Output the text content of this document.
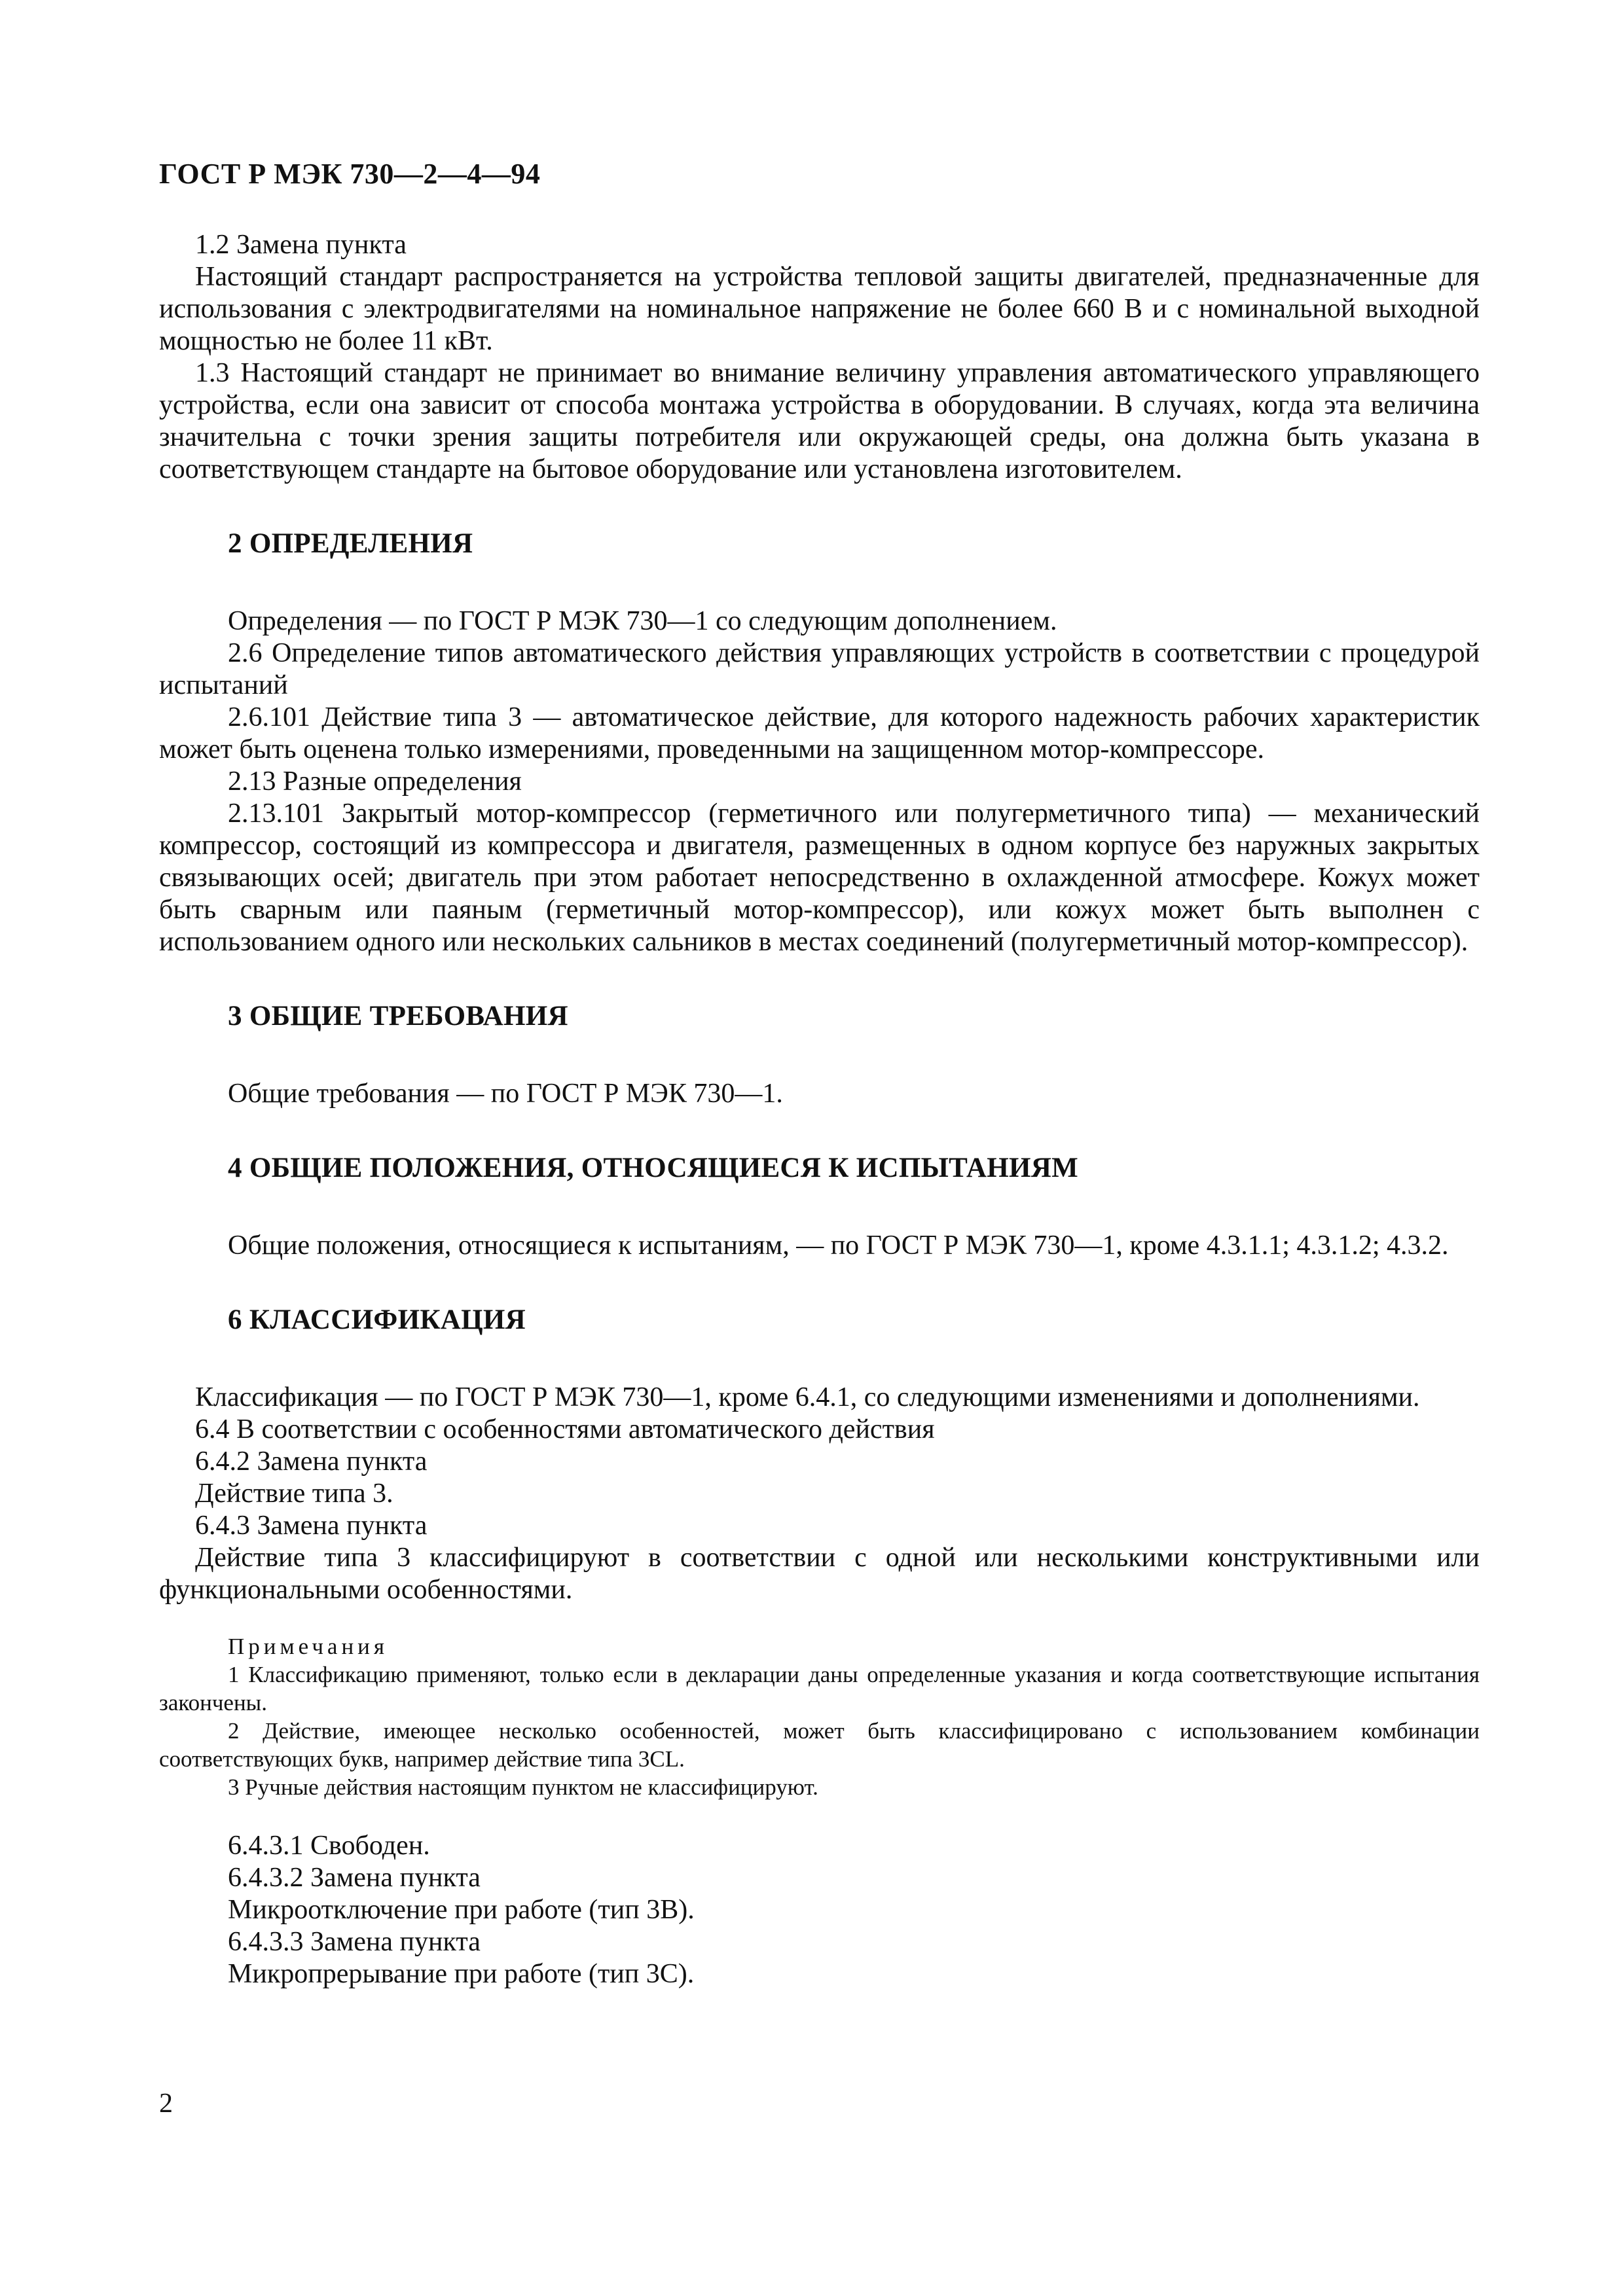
ГОСТ Р МЭК 730—2—4—94

1.2 Замена пункта

Настоящий стандарт распространяется на устройства тепловой защиты двигателей, предназначенные для использования с электродвигателями на номинальное напряжение не более 660 В и с номинальной выходной мощностью не более 11 кВт.

1.3 Настоящий стандарт не принимает во внимание величину управления автоматического управляющего устройства, если она зависит от способа монтажа устройства в оборудовании. В случаях, когда эта величина значительна с точки зрения защиты потребителя или окружающей среды, она должна быть указана в соответствующем стандарте на бытовое оборудование или установлена изготовителем.

2 ОПРЕДЕЛЕНИЯ

Определения — по ГОСТ Р МЭК 730—1 со следующим дополнением.

2.6 Определение типов автоматического действия управляющих устройств в соответствии с процедурой испытаний

2.6.101 Действие типа 3 — автоматическое действие, для которого надежность рабочих характеристик может быть оценена только измерениями, проведенными на защищенном мотор-компрессоре.

2.13 Разные определения

2.13.101 Закрытый мотор-компрессор (герметичного или полугерметичного типа) — механический компрессор, состоящий из компрессора и двигателя, размещенных в одном корпусе без наружных закрытых связывающих осей; двигатель при этом работает непосредственно в охлажденной атмосфере. Кожух может быть сварным или паяным (герметичный мотор-компрессор), или кожух может быть выполнен с использованием одного или нескольких сальников в местах соединений (полугерметичный мотор-компрессор).

3 ОБЩИЕ ТРЕБОВАНИЯ

Общие требования — по ГОСТ Р МЭК 730—1.

4 ОБЩИЕ ПОЛОЖЕНИЯ, ОТНОСЯЩИЕСЯ К ИСПЫТАНИЯМ

Общие положения, относящиеся к испытаниям, — по ГОСТ Р МЭК 730—1, кроме 4.3.1.1; 4.3.1.2; 4.3.2.

6 КЛАССИФИКАЦИЯ

Классификация — по ГОСТ Р МЭК 730—1, кроме 6.4.1, со следующими изменениями и дополнениями.

6.4 В соответствии с особенностями автоматического действия

6.4.2 Замена пункта

Действие типа 3.

6.4.3 Замена пункта

Действие типа 3 классифицируют в соответствии с одной или несколькими конструктивными или функциональными особенностями.

Примечания

1 Классификацию применяют, только если в декларации даны определенные указания и когда соответствующие испытания закончены.

2 Действие, имеющее несколько особенностей, может быть классифицировано с использованием комбинации соответствующих букв, например действие типа 3CL.

3 Ручные действия настоящим пунктом не классифицируют.

6.4.3.1 Свободен.

6.4.3.2 Замена пункта

Микроотключение при работе (тип 3B).

6.4.3.3 Замена пункта

Микропрерывание при работе (тип 3C).

2
